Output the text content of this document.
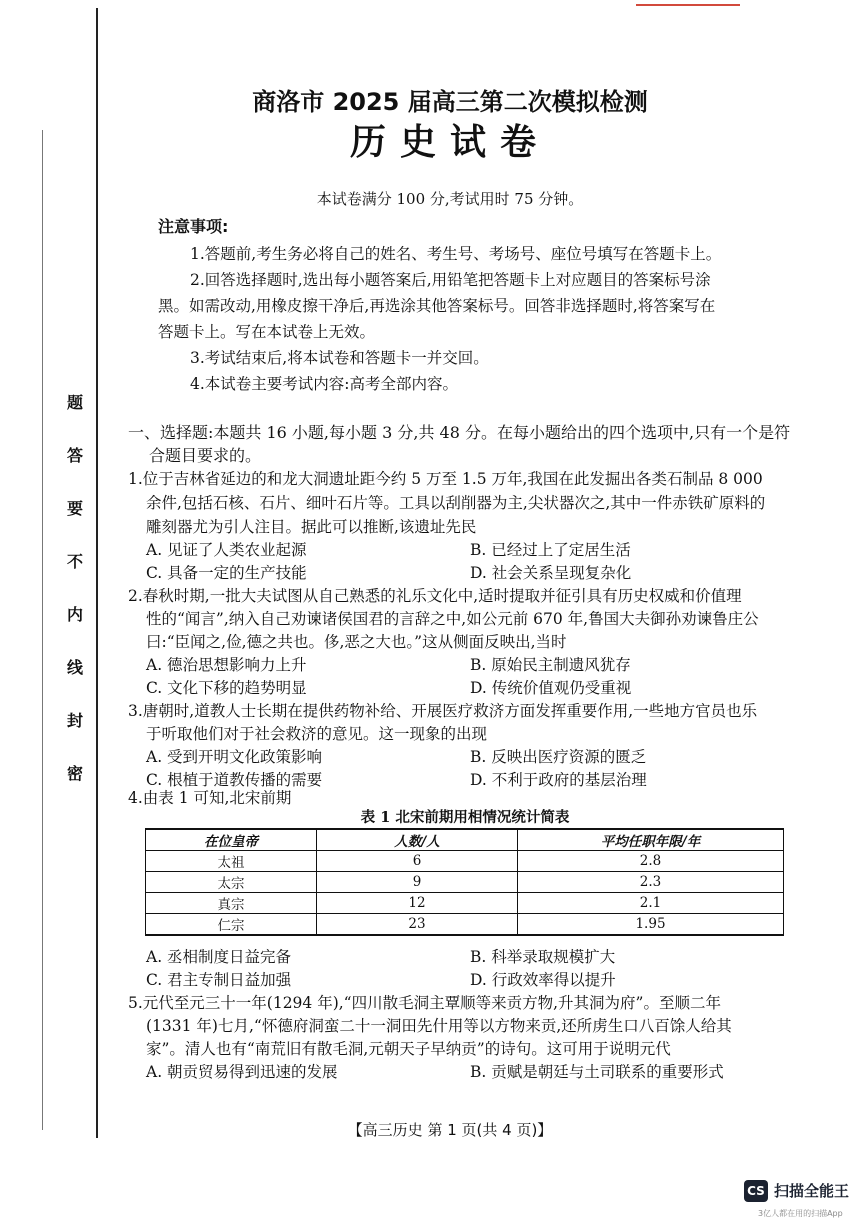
题
答
要
不
内
线
封
密
商洛市 2025 届高三第二次模拟检测
历史试卷
本试卷满分 100 分,考试用时 75 分钟。
注意事项:
1.答题前,考生务必将自己的姓名、考生号、考场号、座位号填写在答题卡上。
2.回答选择题时,选出每小题答案后,用铅笔把答题卡上对应题目的答案标号涂
黑。如需改动,用橡皮擦干净后,再选涂其他答案标号。回答非选择题时,将答案写在
答题卡上。写在本试卷上无效。
3.考试结束后,将本试卷和答题卡一并交回。
4.本试卷主要考试内容:高考全部内容。
一、选择题:本题共 16 小题,每小题 3 分,共 48 分。在每小题给出的四个选项中,只有一个是符
合题目要求的。
1.位于吉林省延边的和龙大洞遗址距今约 5 万至 1.5 万年,我国在此发掘出各类石制品 8 000
余件,包括石核、石片、细叶石片等。工具以刮削器为主,尖状器次之,其中一件赤铁矿原料的
雕刻器尤为引人注目。据此可以推断,该遗址先民
A. 见证了人类农业起源	B. 已经过上了定居生活
C. 具备一定的生产技能	D. 社会关系呈现复杂化
2.春秋时期,一批大夫试图从自己熟悉的礼乐文化中,适时提取并征引具有历史权威和价值理
性的“闻言”,纳入自己劝谏诸侯国君的言辞之中,如公元前 670 年,鲁国大夫御孙劝谏鲁庄公
曰:“臣闻之,俭,德之共也。侈,恶之大也。”这从侧面反映出,当时
A. 德治思想影响力上升	B. 原始民主制遗风犹存
C. 文化下移的趋势明显	D. 传统价值观仍受重视
3.唐朝时,道教人士长期在提供药物补给、开展医疗救济方面发挥重要作用,一些地方官员也乐
于听取他们对于社会救济的意见。这一现象的出现
A. 受到开明文化政策影响	B. 反映出医疗资源的匮乏
C. 根植于道教传播的需要	D. 不利于政府的基层治理
4.由表 1 可知,北宋前期
表 1 北宋前期用相情况统计简表
在位皇帝	人数/人	平均任职年限/年
太祖	6	2.8
太宗	9	2.3
真宗	12	2.1
仁宗	23	1.95
A. 丞相制度日益完备	B. 科举录取规模扩大
C. 君主专制日益加强	D. 行政效率得以提升
5.元代至元三十一年(1294 年),“四川散毛洞主覃顺等来贡方物,升其洞为府”。至顺二年
(1331 年)七月,“怀德府洞蛮二十一洞田先什用等以方物来贡,还所虏生口八百馀人给其
家”。清人也有“南荒旧有散毛洞,元朝天子早纳贡”的诗句。这可用于说明元代
A. 朝贡贸易得到迅速的发展	B. 贡赋是朝廷与土司联系的重要形式
【高三历史 第 1 页(共 4 页)】
CS 扫描全能王
3亿人都在用的扫描App
